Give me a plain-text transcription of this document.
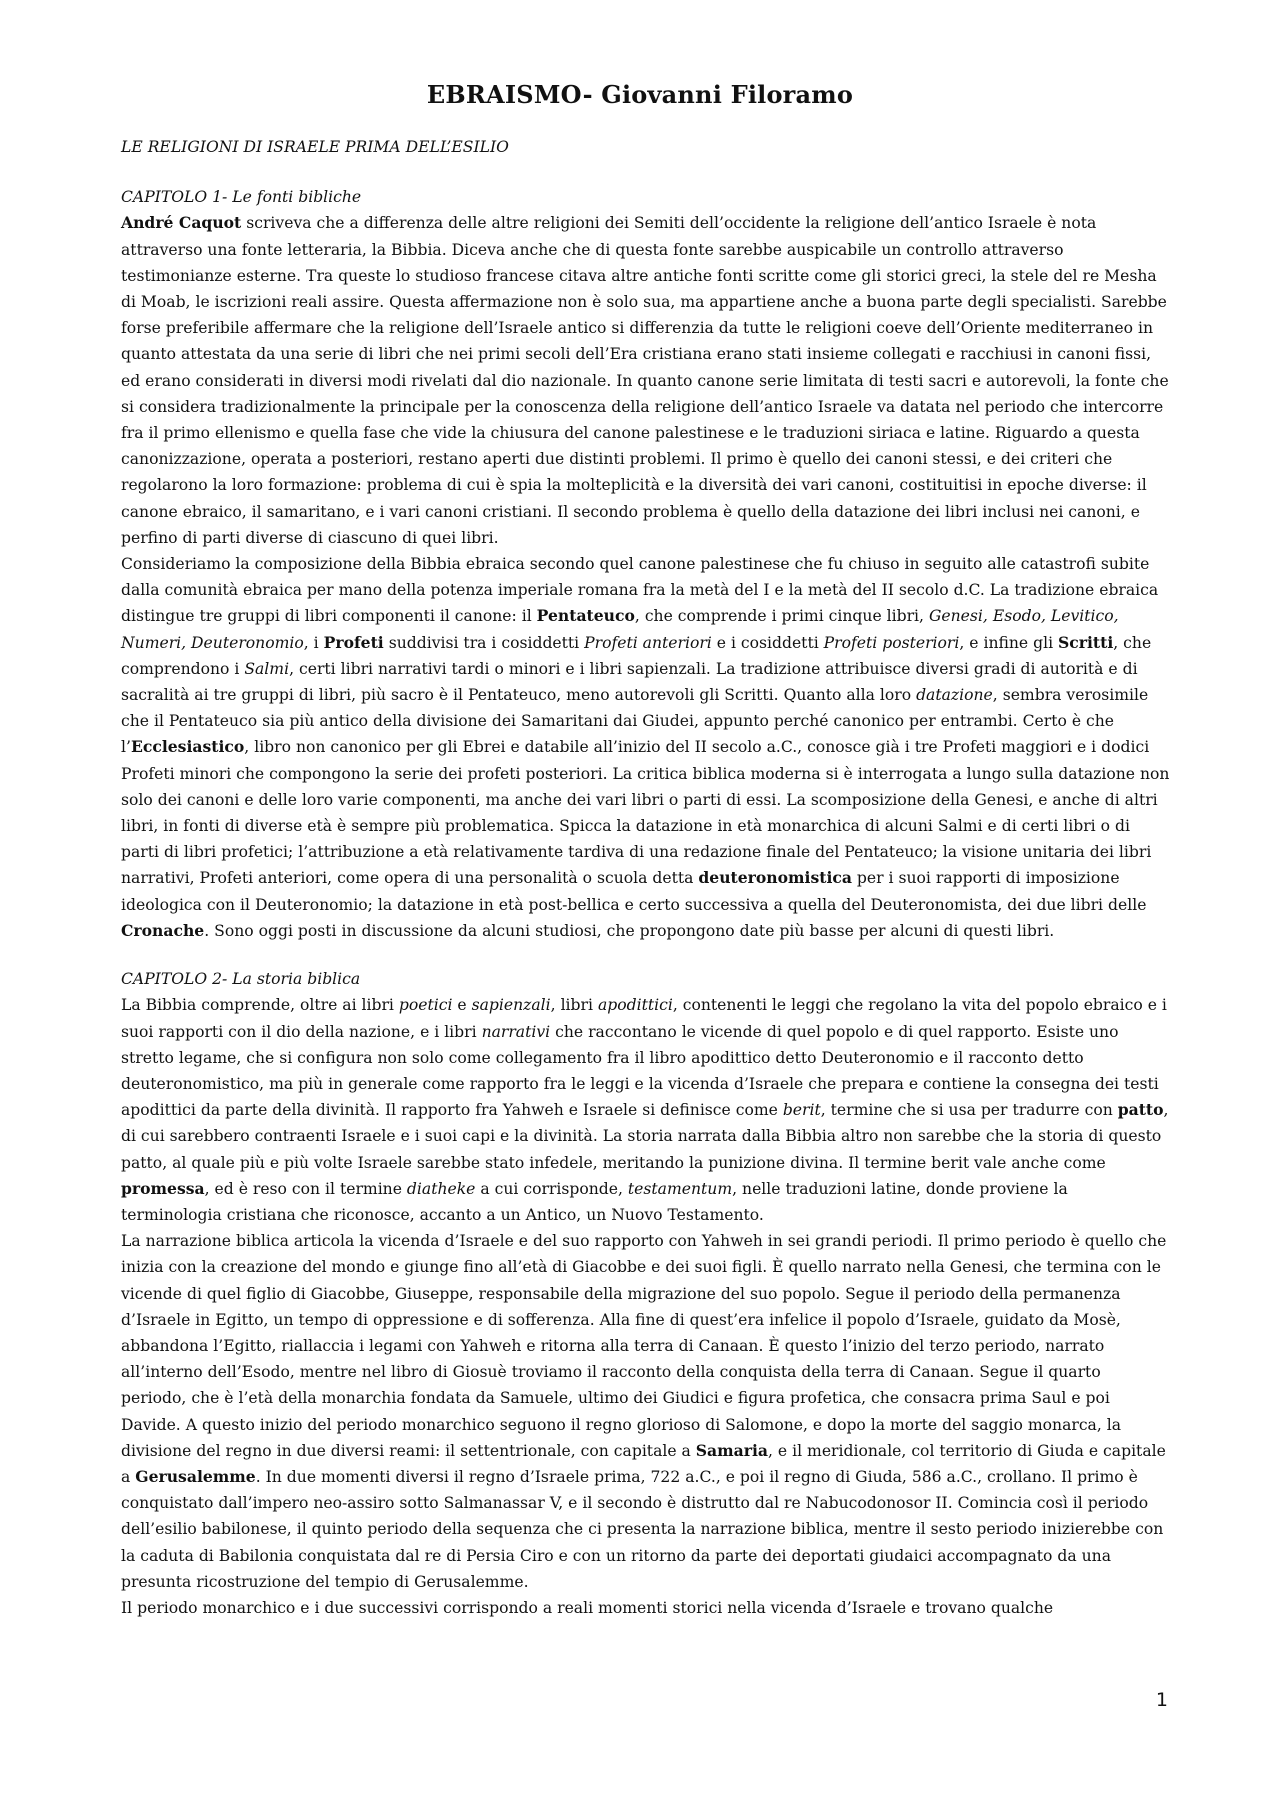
EBRAISMO- Giovanni Filoramo

LE RELIGIONI DI ISRAELE PRIMA DELL’ESILIO

CAPITOLO 1- Le fonti bibliche

André Caquot scriveva che a differenza delle altre religioni dei Semiti dell’occidente la religione dell’antico Israele è nota attraverso una fonte letteraria, la Bibbia. Diceva anche che di questa fonte sarebbe auspicabile un controllo attraverso testimonianze esterne. Tra queste lo studioso francese citava altre antiche fonti scritte come gli storici greci, la stele del re Mesha di Moab, le iscrizioni reali assire. Questa affermazione non è solo sua, ma appartiene anche a buona parte degli specialisti. Sarebbe forse preferibile affermare che la religione dell’Israele antico si differenzia da tutte le religioni coeve dell’Oriente mediterraneo in quanto attestata da una serie di libri che nei primi secoli dell’Era cristiana erano stati insieme collegati e racchiusi in canoni fissi, ed erano considerati in diversi modi rivelati dal dio nazionale. In quanto canone serie limitata di testi sacri e autorevoli, la fonte che si considera tradizionalmente la principale per la conoscenza della religione dell’antico Israele va datata nel periodo che intercorre fra il primo ellenismo e quella fase che vide la chiusura del canone palestinese e le traduzioni siriaca e latine. Riguardo a questa canonizzazione, operata a posteriori, restano aperti due distinti problemi. Il primo è quello dei canoni stessi, e dei criteri che regolarono la loro formazione: problema di cui è spia la molteplicità e la diversità dei vari canoni, costituitisi in epoche diverse: il canone ebraico, il samaritano, e i vari canoni cristiani. Il secondo problema è quello della datazione dei libri inclusi nei canoni, e perfino di parti diverse di ciascuno di quei libri.

Consideriamo la composizione della Bibbia ebraica secondo quel canone palestinese che fu chiuso in seguito alle catastrofi subite dalla comunità ebraica per mano della potenza imperiale romana fra la metà del I e la metà del II secolo d.C. La tradizione ebraica distingue tre gruppi di libri componenti il canone: il Pentateuco, che comprende i primi cinque libri, Genesi, Esodo, Levitico, Numeri, Deuteronomio, i Profeti suddivisi tra i cosiddetti Profeti anteriori e i cosiddetti Profeti posteriori, e infine gli Scritti, che comprendono i Salmi, certi libri narrativi tardi o minori e i libri sapienzali. La tradizione attribuisce diversi gradi di autorità e di sacralità ai tre gruppi di libri, più sacro è il Pentateuco, meno autorevoli gli Scritti. Quanto alla loro datazione, sembra verosimile che il Pentateuco sia più antico della divisione dei Samaritani dai Giudei, appunto perché canonico per entrambi. Certo è che l’Ecclesiastico, libro non canonico per gli Ebrei e databile all’inizio del II secolo a.C., conosce già i tre Profeti maggiori e i dodici Profeti minori che compongono la serie dei profeti posteriori. La critica biblica moderna si è interrogata a lungo sulla datazione non solo dei canoni e delle loro varie componenti, ma anche dei vari libri o parti di essi. La scomposizione della Genesi, e anche di altri libri, in fonti di diverse età è sempre più problematica. Spicca la datazione in età monarchica di alcuni Salmi e di certi libri o di parti di libri profetici; l’attribuzione a età relativamente tardiva di una redazione finale del Pentateuco; la visione unitaria dei libri narrativi, Profeti anteriori, come opera di una personalità o scuola detta deuteronomistica per i suoi rapporti di imposizione ideologica con il Deuteronomio; la datazione in età post-bellica e certo successiva a quella del Deuteronomista, dei due libri delle Cronache. Sono oggi posti in discussione da alcuni studiosi, che propongono date più basse per alcuni di questi libri.

CAPITOLO 2- La storia biblica

La Bibbia comprende, oltre ai libri poetici e sapienzali, libri apodittici, contenenti le leggi che regolano la vita del popolo ebraico e i suoi rapporti con il dio della nazione, e i libri narrativi che raccontano le vicende di quel popolo e di quel rapporto. Esiste uno stretto legame, che si configura non solo come collegamento fra il libro apodittico detto Deuteronomio e il racconto detto deuteronomistico, ma più in generale come rapporto fra le leggi e la vicenda d’Israele che prepara e contiene la consegna dei testi apodittici da parte della divinità. Il rapporto fra Yahweh e Israele si definisce come berit, termine che si usa per tradurre con patto, di cui sarebbero contraenti Israele e i suoi capi e la divinità. La storia narrata dalla Bibbia altro non sarebbe che la storia di questo patto, al quale più e più volte Israele sarebbe stato infedele, meritando la punizione divina. Il termine berit vale anche come promessa, ed è reso con il termine diatheke a cui corrisponde, testamentum, nelle traduzioni latine, donde proviene la terminologia cristiana che riconosce, accanto a un Antico, un Nuovo Testamento.

La narrazione biblica articola la vicenda d’Israele e del suo rapporto con Yahweh in sei grandi periodi. Il primo periodo è quello che inizia con la creazione del mondo e giunge fino all’età di Giacobbe e dei suoi figli. È quello narrato nella Genesi, che termina con le vicende di quel figlio di Giacobbe, Giuseppe, responsabile della migrazione del suo popolo. Segue il periodo della permanenza d’Israele in Egitto, un tempo di oppressione e di sofferenza. Alla fine di quest’era infelice il popolo d’Israele, guidato da Mosè, abbandona l’Egitto, riallaccia i legami con Yahweh e ritorna alla terra di Canaan. È questo l’inizio del terzo periodo, narrato all’interno dell’Esodo, mentre nel libro di Giosuè troviamo il racconto della conquista della terra di Canaan. Segue il quarto periodo, che è l’età della monarchia fondata da Samuele, ultimo dei Giudici e figura profetica, che consacra prima Saul e poi Davide. A questo inizio del periodo monarchico seguono il regno glorioso di Salomone, e dopo la morte del saggio monarca, la divisione del regno in due diversi reami: il settentrionale, con capitale a Samaria, e il meridionale, col territorio di Giuda e capitale a Gerusalemme. In due momenti diversi il regno d’Israele prima, 722 a.C., e poi il regno di Giuda, 586 a.C., crollano. Il primo è conquistato dall’impero neo-assiro sotto Salmanassar V, e il secondo è distrutto dal re Nabucodonosor II. Comincia così il periodo dell’esilio babilonese, il quinto periodo della sequenza che ci presenta la narrazione biblica, mentre il sesto periodo inizierebbe con la caduta di Babilonia conquistata dal re di Persia Ciro e con un ritorno da parte dei deportati giudaici accompagnato da una presunta ricostruzione del tempio di Gerusalemme.

Il periodo monarchico e i due successivi corrispondo a reali momenti storici nella vicenda d’Israele e trovano qualche

1
